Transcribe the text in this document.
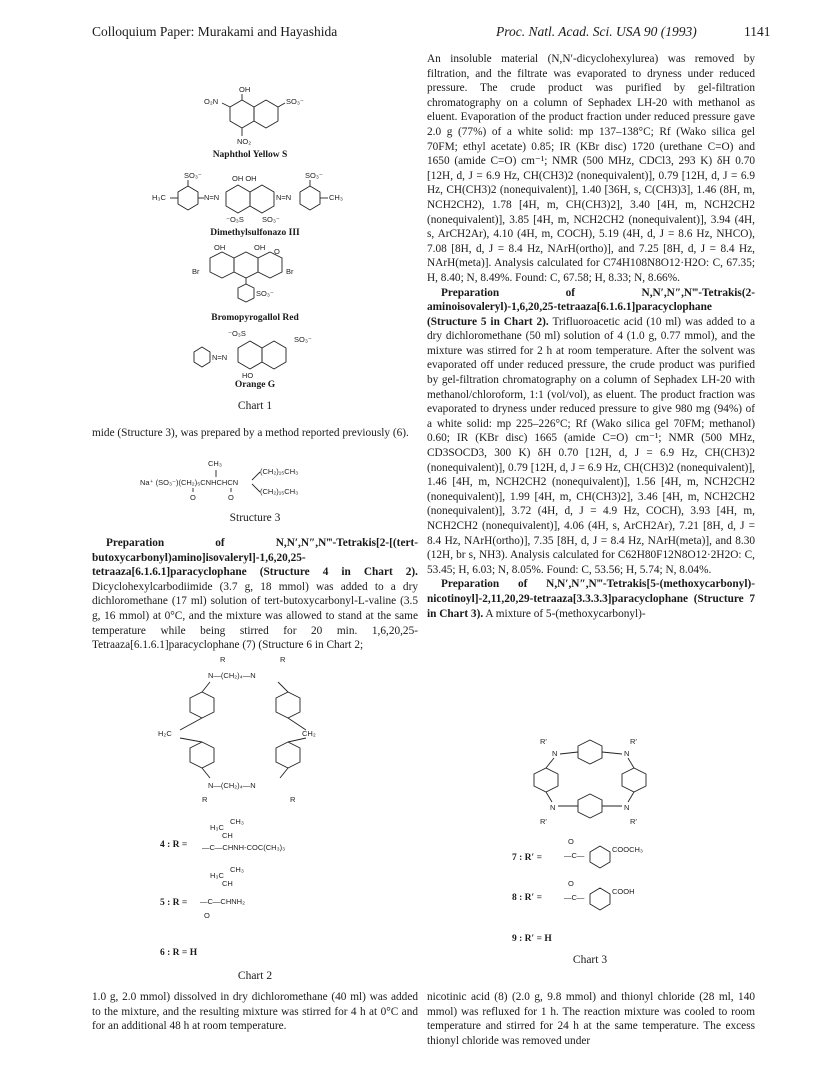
Colloquium Paper: Murakami and Hayashida	Proc. Natl. Acad. Sci. USA 90 (1993)	1141
OH
O₂N
NO₂
SO₃⁻
Naphthol Yellow S
H₃C	N=N
SO₃⁻	OH OH
⁻O₃S SO₃⁻
N=N	CH₃
SO₃⁻
Dimethylsulfonazo III
OH	OH O
Br	Br
SO₃⁻
Bromopyrogallol Red
⁻O₃S
SO₃⁻
N=N
HO
Orange G
Chart 1

mide (Structure 3), was prepared by a method reported previously (6).

Na⁺ (SO₃⁻)(CH₂)₅CNHCHCN
CH₃
O	O
(CH₂)₁₅CH₃
(CH₂)₁₅CH₃
Structure 3

Preparation of N,N′,N″,N‴-Tetrakis[2-[(tert-butoxycarbonyl)amino]isovaleryl]-1,6,20,25-tetraaza[6.1.6.1]paracyclophane (Structure 4 in Chart 2). Dicyclohexylcarbodiimide (3.7 g, 18 mmol) was added to a dry dichloromethane (17 ml) solution of tert-butoxycarbonyl-L-valine (3.5 g, 16 mmol) at 0°C, and the mixture was allowed to stand at the same temperature while being stirred for 20 min. 1,6,20,25-Tetraaza[6.1.6.1]paracyclophane (7) (Structure 6 in Chart 2;

R	R
N—(CH₂)₄—N
H₂C	CH₂
N—(CH₂)₄—N
R	R
H₃C
CH₃
CH
—C—CHNH-COC(CH₃)₃
4 : R =
H₃C
CH₃
CH
—C—CHNH₂
O
5 : R =
6 : R = H
Chart 2

1.0 g, 2.0 mmol) dissolved in dry dichloromethane (40 ml) was added to the mixture, and the resulting mixture was stirred for 4 h at 0°C and for an additional 48 h at room temperature.

An insoluble material (N,N′-dicyclohexylurea) was removed by filtration, and the filtrate was evaporated to dryness under reduced pressure. The crude product was purified by gel-filtration chromatography on a column of Sephadex LH-20 with methanol as eluent. Evaporation of the product fraction under reduced pressure gave 2.0 g (77%) of a white solid: mp 137–138°C; Rf (Wako silica gel 70FM; ethyl acetate) 0.85; IR (KBr disc) 1720 (urethane C=O) and 1650 (amide C=O) cm⁻¹; NMR (500 MHz, CDCl3, 293 K) δH 0.70 [12H, d, J = 6.9 Hz, CH(CH3)2 (nonequivalent)], 0.79 [12H, d, J = 6.9 Hz, CH(CH3)2 (nonequivalent)], 1.40 [36H, s, C(CH3)3], 1.46 (8H, m, NCH2CH2), 1.78 [4H, m, CH(CH3)2], 3.40 [4H, m, NCH2CH2 (nonequivalent)], 3.85 [4H, m, NCH2CH2 (nonequivalent)], 3.94 (4H, s, ArCH2Ar), 4.10 (4H, m, COCH), 5.19 (4H, d, J = 8.6 Hz, NHCO), 7.08 [8H, d, J = 8.4 Hz, NArH(ortho)], and 7.25 [8H, d, J = 8.4 Hz, NArH(meta)]. Analysis calculated for C74H108N8O12·H2O: C, 67.35; H, 8.40; N, 8.49%. Found: C, 67.58; H, 8.33; N, 8.66%.

Preparation of N,N′,N″,N‴-Tetrakis(2-aminoisovaleryl)-1,6,20,25-tetraaza[6.1.6.1]paracyclophane (Structure 5 in Chart 2). Trifluoroacetic acid (10 ml) was added to a dry dichloromethane (50 ml) solution of 4 (1.0 g, 0.77 mmol), and the mixture was stirred for 2 h at room temperature. After the solvent was evaporated off under reduced pressure, the crude product was purified by gel-filtration chromatography on a column of Sephadex LH-20 with methanol/chloroform, 1:1 (vol/vol), as eluent. The product fraction was evaporated to dryness under reduced pressure to give 980 mg (94%) of a white solid: mp 225–226°C; Rf (Wako silica gel 70FM; methanol) 0.60; IR (KBr disc) 1665 (amide C=O) cm⁻¹; NMR (500 MHz, CD3SOCD3, 300 K) δH 0.70 [12H, d, J = 6.9 Hz, CH(CH3)2 (nonequivalent)], 0.79 [12H, d, J = 6.9 Hz, CH(CH3)2 (nonequivalent)], 1.46 [4H, m, NCH2CH2 (nonequivalent)], 1.56 [4H, m, NCH2CH2 (nonequivalent)], 1.99 [4H, m, CH(CH3)2], 3.46 [4H, m, NCH2CH2 (nonequivalent)], 3.72 (4H, d, J = 4.9 Hz, COCH), 3.93 [4H, m, NCH2CH2 (nonequivalent)], 4.06 (4H, s, ArCH2Ar), 7.21 [8H, d, J = 8.4 Hz, NArH(ortho)], 7.35 [8H, d, J = 8.4 Hz, NArH(meta)], and 8.30 (12H, br s, NH3). Analysis calculated for C62H80F12N8O12·2H2O: C, 53.45; H, 6.03; N, 8.05%. Found: C, 53.56; H, 5.74; N, 8.04%.

Preparation of N,N′,N″,N‴-Tetrakis[5-(methoxycarbonyl)-nicotinoyl]-2,11,20,29-tetraaza[3.3.3.3]paracyclophane (Structure 7 in Chart 3). A mixture of 5-(methoxycarbonyl)-

R′	R′
N	N
N	N
R′	R′
O
—C—
COOCH₃
7 : R′ =
O
—C—
COOH
8 : R′ =
9 : R′ = H
Chart 3

nicotinic acid (8) (2.0 g, 9.8 mmol) and thionyl chloride (28 ml, 140 mmol) was refluxed for 1 h. The reaction mixture was cooled to room temperature and stirred for 24 h at the same temperature. The excess thionyl chloride was removed under
